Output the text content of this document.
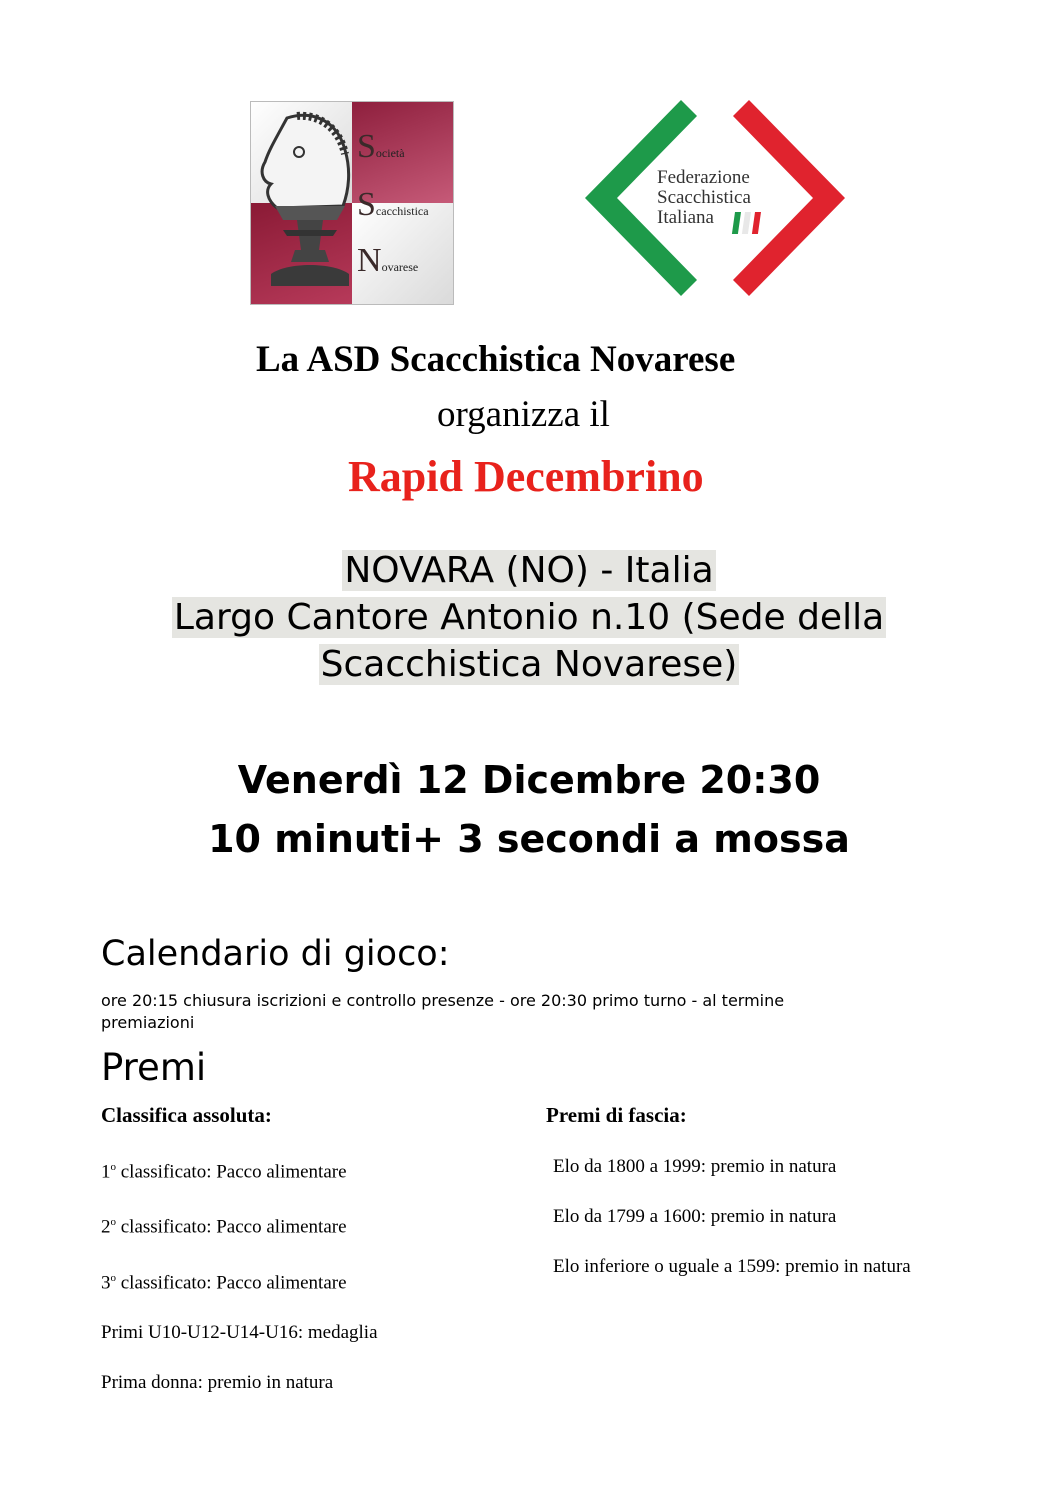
Società
Scacchistica
Novarese
Federazione
Scacchistica
Italiana
La ASD Scacchistica Novarese
organizza il
Rapid Decembrino
NOVARA (NO) - Italia
Largo Cantore Antonio n.10 (Sede della
Scacchistica Novarese)
Venerdì 12 Dicembre 20:30
10 minuti+ 3 secondi a mossa
Calendario di gioco:
ore 20:15 chiusura iscrizioni e controllo presenze - ore 20:30 primo turno - al termine
premiazioni
Premi
Classifica assoluta:	Premi di fascia:
1$^o$ classificato: Pacco alimentare
2$^o$ classificato: Pacco alimentare
3$^o$ classificato: Pacco alimentare
Primi U10-U12-U14-U16: medaglia
Prima donna: premio in natura
Elo da 1800 a 1999: premio in natura
Elo da 1799 a 1600: premio in natura
Elo inferiore o uguale a 1599: premio in natura
